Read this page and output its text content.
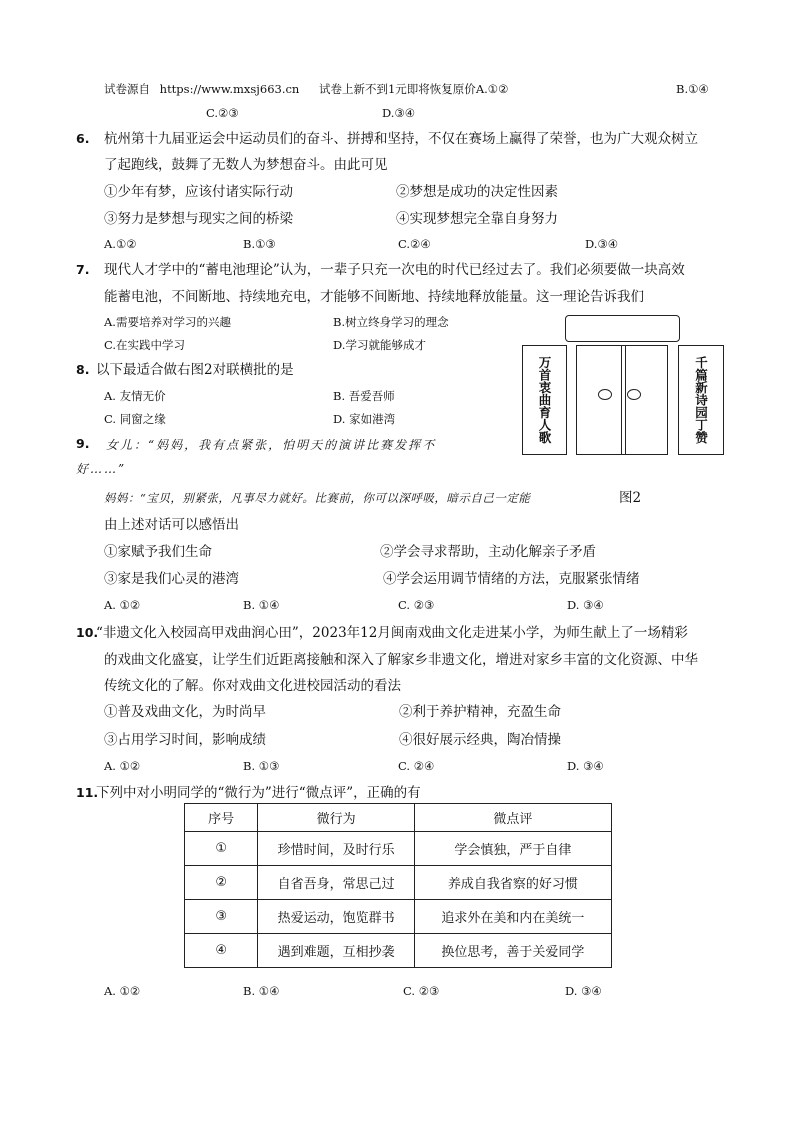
试卷源自 https://www.mxsj663.cn 试卷上新不到1元即将恢复原价A.①②	B.①④
C.②③	D.③④
6. 杭州第十九届亚运会中运动员们的奋斗、拼搏和坚持，不仅在赛场上赢得了荣誉，也为广大观众树立
了起跑线，鼓舞了无数人为梦想奋斗。由此可见
①少年有梦，应该付诸实际行动	②梦想是成功的决定性因素
③努力是梦想与现实之间的桥梁	④实现梦想完全靠自身努力
A.①②	B.①③	C.②④	D.③④
7. 现代人才学中的“蓄电池理论”认为，一辈子只充一次电的时代已经过去了。我们必须要做一块高效
能蓄电池，不间断地、持续地充电，才能够不间断地、持续地释放能量。这一理论告诉我们
A.需要培养对学习的兴趣	B.树立终身学习的理念
C.在实践中学习	D.学习就能够成才
万首衷曲育人歌	千篇新诗园丁赞
8. 以下最适合做右图2对联横批的是
A. 友情无价	B. 吾爱吾师
C. 同窗之缘	D. 家如港湾
9. 女儿：“妈妈，我有点紧张，怕明天的演讲比赛发挥不
好……”
妈妈：“宝贝，别紧张，凡事尽力就好。比赛前，你可以深呼吸，暗示自己一定能	图2
由上述对话可以感悟出
①家赋予我们生命	②学会寻求帮助，主动化解亲子矛盾
③家是我们心灵的港湾	④学会运用调节情绪的方法，克服紧张情绪
A. ①②	B. ①④	C. ②③	D. ③④
10.
“非遗文化入校园高甲戏曲润心田”，2023年12月闽南戏曲文化走进某小学，为师生献上了一场精彩
的戏曲文化盛宴，让学生们近距离接触和深入了解家乡非遗文化，增进对家乡丰富的文化资源、中华
传统文化的了解。你对戏曲文化进校园活动的看法
①普及戏曲文化，为时尚早	②利于养护精神，充盈生命
③占用学习时间，影响成绩	④很好展示经典，陶冶情操
A. ①②	B. ①③	C. ②④	D. ③④
11.
下列中对小明同学的“微行为”进行“微点评”，正确的有
序号	微行为	微点评
①	珍惜时间，及时行乐	学会慎独，严于自律
②	自省吾身，常思己过	养成自我省察的好习惯
③	热爱运动，饱览群书	追求外在美和内在美统一
④	遇到难题，互相抄袭	换位思考，善于关爱同学
A. ①②	B. ①④	C. ②③	D. ③④
